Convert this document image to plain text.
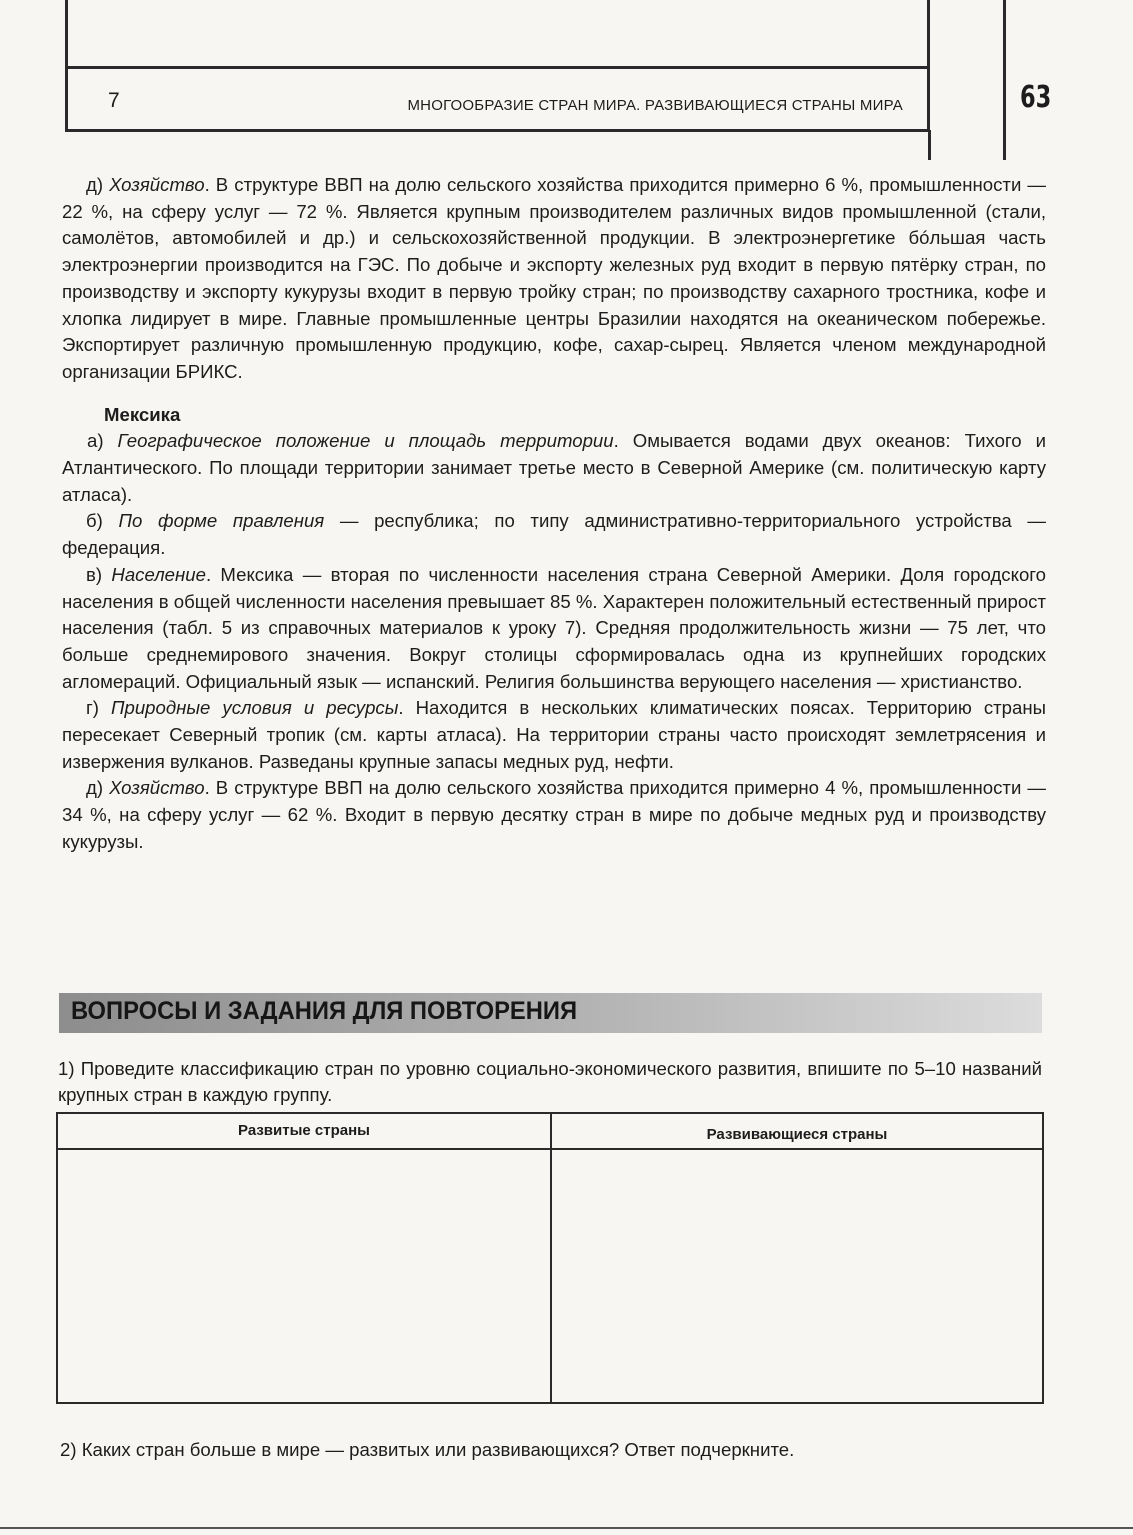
7	МНОГООБРАЗИЕ СТРАН МИРА. РАЗВИВАЮЩИЕСЯ СТРАНЫ МИРА	63

д) Хозяйство. В структуре ВВП на долю сельского хозяйства приходится примерно 6 %, промышленности — 22 %, на сферу услуг — 72 %. Является крупным производителем различных видов промышленной (стали, самолётов, автомобилей и др.) и сельскохозяйственной продукции. В электроэнергетике бóльшая часть электроэнергии производится на ГЭС. По добыче и экспорту железных руд входит в первую пятёрку стран, по производству и экспорту кукурузы входит в первую тройку стран; по производству сахарного тростника, кофе и хлопка лидирует в мире. Главные промышленные центры Бразилии находятся на океаническом побережье. Экспортирует различную промышленную продукцию, кофе, сахар-сырец. Является членом международной организации БРИКС.

Мексика

а) Географическое положение и площадь территории. Омывается водами двух океанов: Тихого и Атлантического. По площади территории занимает третье место в Северной Америке (см. политическую карту атласа).

б) По форме правления — республика; по типу административно-территориального устройства — федерация.

в) Население. Мексика — вторая по численности населения страна Северной Америки. Доля городского населения в общей численности населения превышает 85 %. Характерен положительный естественный прирост населения (табл. 5 из справочных материалов к уроку 7). Средняя продолжительность жизни — 75 лет, что больше среднемирового значения. Вокруг столицы сформировалась одна из крупнейших городских агломераций. Официальный язык — испанский. Религия большинства верующего населения — христианство.

г) Природные условия и ресурсы. Находится в нескольких климатических поясах. Территорию страны пересекает Северный тропик (см. карты атласа). На территории страны часто происходят землетрясения и извержения вулканов. Разведаны крупные запасы медных руд, нефти.

д) Хозяйство. В структуре ВВП на долю сельского хозяйства приходится примерно 4 %, промышленности — 34 %, на сферу услуг — 62 %. Входит в первую десятку стран в мире по добыче медных руд и производству кукурузы.

ВОПРОСЫ И ЗАДАНИЯ ДЛЯ ПОВТОРЕНИЯ
1) Проведите классификацию стран по уровню социально-экономического развития, впишите по 5–10 названий крупных стран в каждую группу.
Развитые страны	Развивающиеся страны
2) Каких стран больше в мире — развитых или развивающихся? Ответ подчеркните.
